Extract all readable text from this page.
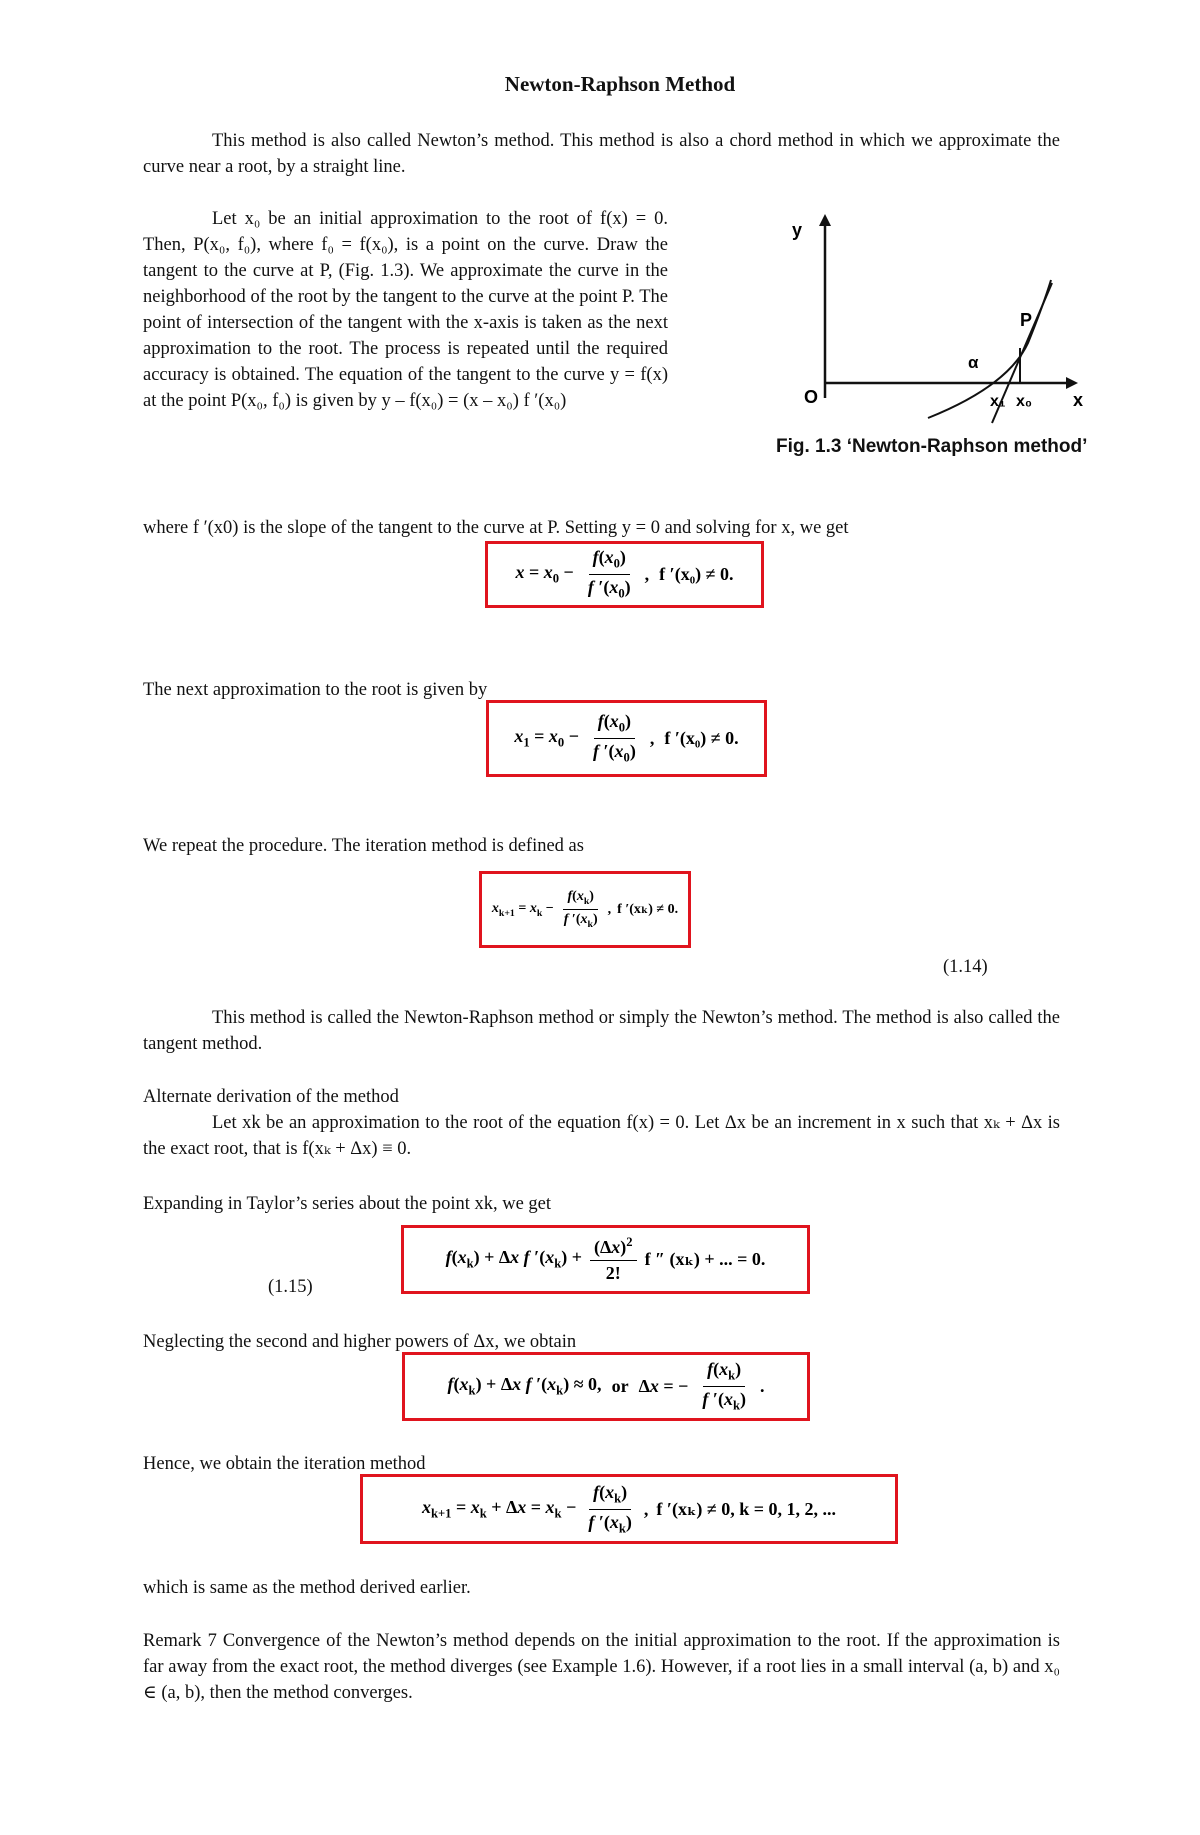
Newton-Raphson Method
This method is also called Newton’s method. This method is also a chord method in which we approximate the curve near a root, by a straight line.
Let x₀ be an initial approximation to the root of f(x) = 0. Then, P(x₀, f₀), where f₀ = f(x₀), is a point on the curve. Draw the tangent to the curve at P, (Fig. 1.3). We approximate the curve in the neighborhood of the root by the tangent to the curve at the point P. The point of intersection of the tangent with the x-axis is taken as the next approximation to the root. The process is repeated until the required accuracy is obtained. The equation of the tangent to the curve y = f(x) at the point P(x₀, f₀) is given by y – f(x₀) = (x – x₀) f ′(x₀)
y
O
P
α
x₁ x₀ x
Fig. 1.3 ‘Newton-Raphson method’
where f ′(x0) is the slope of the tangent to the curve at P. Setting y = 0 and solving for x, we get
$x = x_0 - \frac{f(x_0)}{f '(x_0)}$ , f ′(x₀) ≠ 0.
The next approximation to the root is given by
$x_1 = x_0 - \frac{f(x_0)}{f '(x_0)}$ , f ′(x₀) ≠ 0.
We repeat the procedure. The iteration method is defined as
$x_{k+1} = x_k - \frac{f(x_k)}{f '(x_k)}$ , f ′(xₖ) ≠ 0.
(1.14)
This method is called the Newton-Raphson method or simply the Newton’s method. The method is also called the tangent method.
Alternate derivation of the method
Let xk be an approximation to the root of the equation f(x) = 0. Let Δx be an increment in x such that xₖ + Δx is the exact root, that is f(xₖ + Δx) ≡ 0.
Expanding in Taylor’s series about the point xk, we get
$f(x_k) + \Delta x$ f $'(x_k) + \frac{(\Delta x)^2}{2!}$ f ″ (xₖ) + ... = 0.
(1.15)
Neglecting the second and higher powers of Δx, we obtain
$f(x_k) + \Delta x$ f $'(x_k) \approx 0$, or Δx = − $\frac{f(x_k)}{f '(x_k)}$ .
Hence, we obtain the iteration method
$x_{k+1} = x_k + \Delta x = x_k - \frac{f(x_k)}{f '(x_k)}$ , f ′(xₖ) ≠ 0, k = 0, 1, 2, ...
which is same as the method derived earlier.
Remark 7 Convergence of the Newton’s method depends on the initial approximation to the root. If the approximation is far away from the exact root, the method diverges (see Example 1.6). However, if a root lies in a small interval (a, b) and x₀ ∈ (a, b), then the method converges.
